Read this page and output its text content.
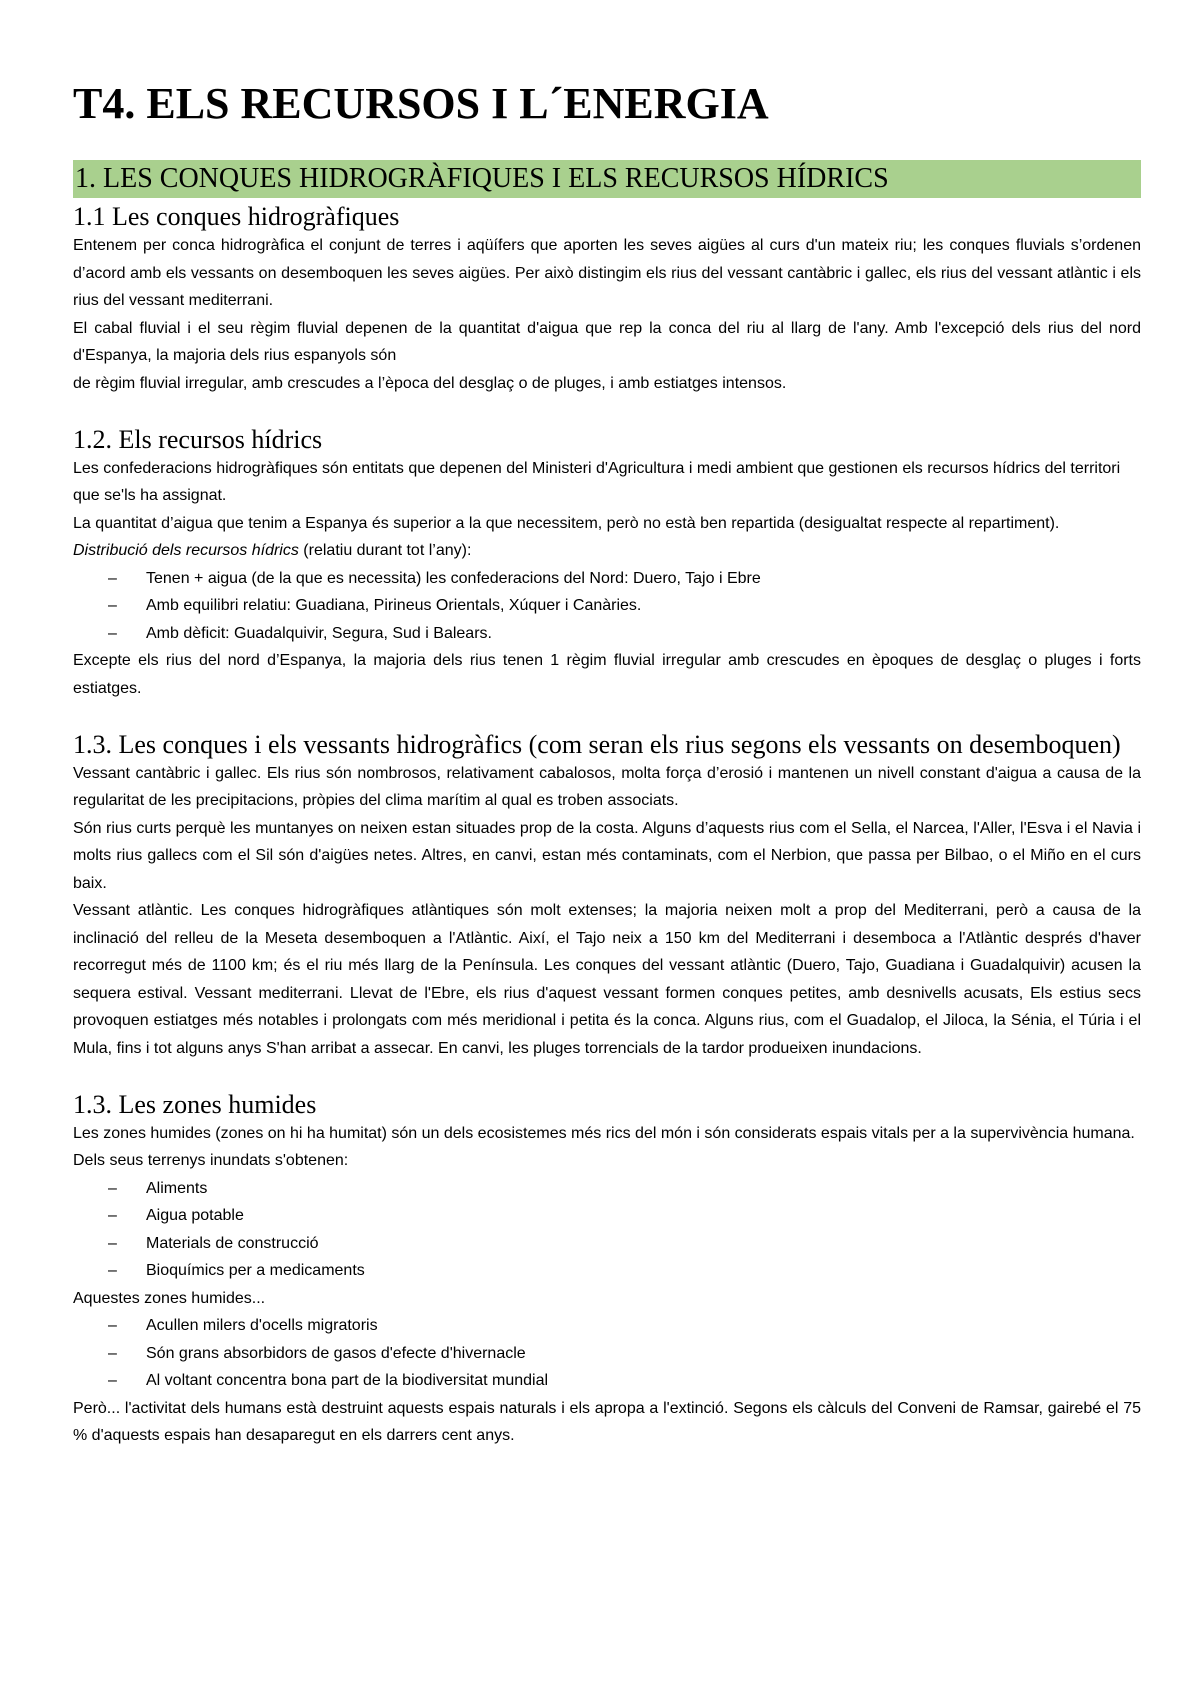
T4. ELS RECURSOS I L´ENERGIA
1. LES CONQUES HIDROGRÀFIQUES I ELS RECURSOS HÍDRICS
1.1 Les conques hidrogràfiques

Entenem per conca hidrogràfica el conjunt de terres i aqüífers que aporten les seves aigües al curs d'un mateix riu; les conques fluvials s’ordenen d’acord amb els vessants on desemboquen les seves aigües. Per això distingim els rius del vessant cantàbric i gallec, els rius del vessant atlàntic i els rius del vessant mediterrani.

El cabal fluvial i el seu règim fluvial depenen de la quantitat d'aigua que rep la conca del riu al llarg de l'any. Amb l'excepció dels rius del nord d'Espanya, la majoria dels rius espanyols són

de règim fluvial irregular, amb crescudes a l’època del desglaç o de pluges, i amb estiatges intensos.

1.2. Els recursos hídrics

Les confederacions hidrogràfiques són entitats que depenen del Ministeri d'Agricultura i medi ambient que gestionen els recursos hídrics del territori que se'ls ha assignat.

La quantitat d’aigua que tenim a Espanya és superior a la que necessitem, però no està ben repartida (desigualtat respecte al repartiment).

Distribució dels recursos hídrics (relatiu durant tot l’any):

– Tenen + aigua (de la que es necessita) les confederacions del Nord: Duero, Tajo i Ebre
– Amb equilibri relatiu: Guadiana, Pirineus Orientals, Xúquer i Canàries.
– Amb dèficit: Guadalquivir, Segura, Sud i Balears.

Excepte els rius del nord d’Espanya, la majoria dels rius tenen 1 règim fluvial irregular amb crescudes en èpoques de desglaç o pluges i forts estiatges.

1.3. Les conques i els vessants hidrogràfics (com seran els rius segons els vessants on desemboquen)

Vessant cantàbric i gallec. Els rius són nombrosos, relativament cabalosos, molta força d’erosió i mantenen un nivell constant d'aigua a causa de la regularitat de les precipitacions, pròpies del clima marítim al qual es troben associats.

Són rius curts perquè les muntanyes on neixen estan situades prop de la costa. Alguns d’aquests rius com el Sella, el Narcea, l'Aller, l'Esva i el Navia i molts rius gallecs com el Sil són d'aigües netes. Altres, en canvi, estan més contaminats, com el Nerbion, que passa per Bilbao, o el Miño en el curs baix.

Vessant atlàntic. Les conques hidrogràfiques atlàntiques són molt extenses; la majoria neixen molt a prop del Mediterrani, però a causa de la inclinació del relleu de la Meseta desemboquen a l'Atlàntic. Així, el Tajo neix a 150 km del Mediterrani i desemboca a l'Atlàntic després d'haver recorregut més de 1100 km; és el riu més llarg de la Península. Les conques del vessant atlàntic (Duero, Tajo, Guadiana i Guadalquivir) acusen la sequera estival. Vessant mediterrani. Llevat de l'Ebre, els rius d'aquest vessant formen conques petites, amb desnivells acusats, Els estius secs provoquen estiatges més notables i prolongats com més meridional i petita és la conca. Alguns rius, com el Guadalop, el Jiloca, la Sénia, el Túria i el Mula, fins i tot alguns anys S'han arribat a assecar. En canvi, les pluges torrencials de la tardor produeixen inundacions.

1.3. Les zones humides

Les zones humides (zones on hi ha humitat) són un dels ecosistemes més rics del món i són considerats espais vitals per a la supervivència humana.

Dels seus terrenys inundats s'obtenen:

– Aliments
– Aigua potable
– Materials de construcció
– Bioquímics per a medicaments

Aquestes zones humides...

– Acullen milers d'ocells migratoris
– Són grans absorbidors de gasos d'efecte d'hivernacle
– Al voltant concentra bona part de la biodiversitat mundial

Però... l'activitat dels humans està destruint aquests espais naturals i els apropa a l'extinció. Segons els càlculs del Conveni de Ramsar, gairebé el 75 % d'aquests espais han desaparegut en els darrers cent anys.
